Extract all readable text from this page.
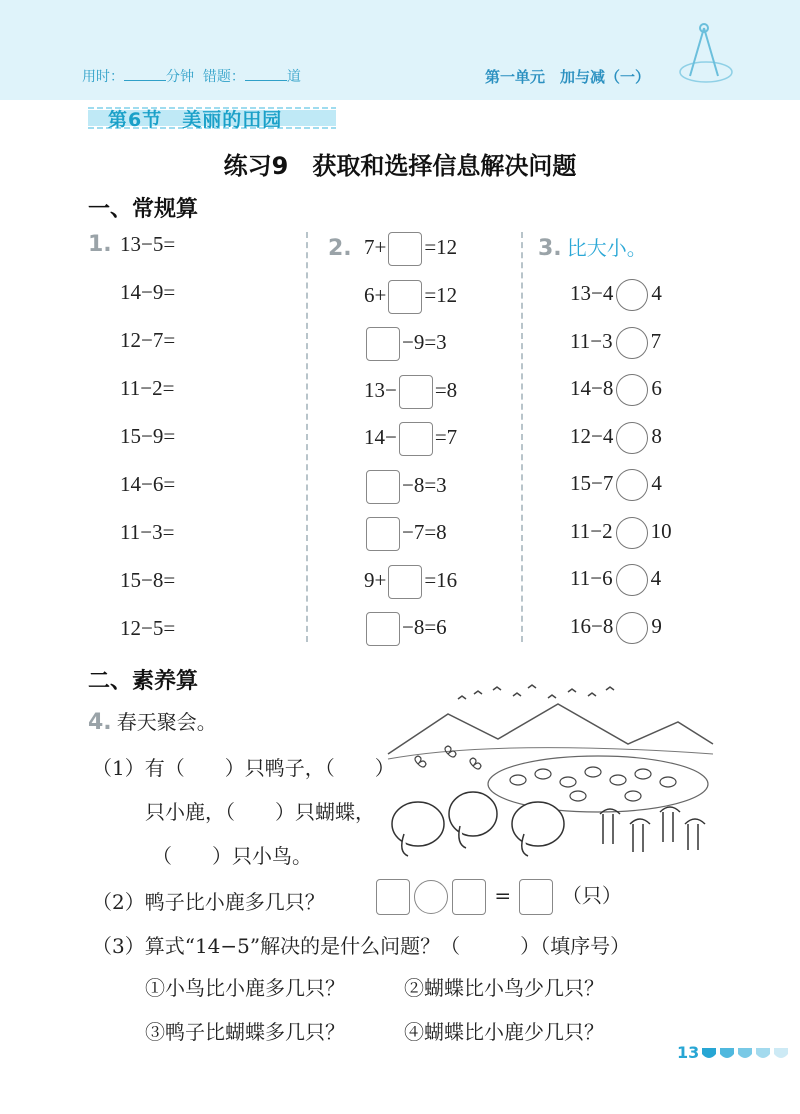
用时：	分钟 错题：	道	第一单元　加与减（一）
第6节　美丽的田园
练习9　获取和选择信息解决问题
一、常规算
1. 13−5=
14−9=
12−7=
11−2=
15−9=
14−6=
11−3=
15−8=
12−5=
2. 7+ =12
6+ =12
−9=3
13− =8
14− =7
−8=3
−7=8
9+ =16
−8=6
3. 比大小。
13−4 4
11−3 7
14−8 6
12−4 8
15−7 4
11−2 10
11−6 4
16−8 9
二、素养算
4. 春天聚会。
（1）有（　　）只鸭子，（　　）
只小鹿，（　　）只蝴蝶，
（　　）只小鸟。
（2）鸭子比小鹿多几只？	=	（只）
（3）算式“14−5”解决的是什么问题？（　　　）（填序号）
①小鸟比小鹿多几只？	②蝴蝶比小鸟少几只？
③鸭子比蝴蝶多几只？	④蝴蝶比小鹿少几只？
13
